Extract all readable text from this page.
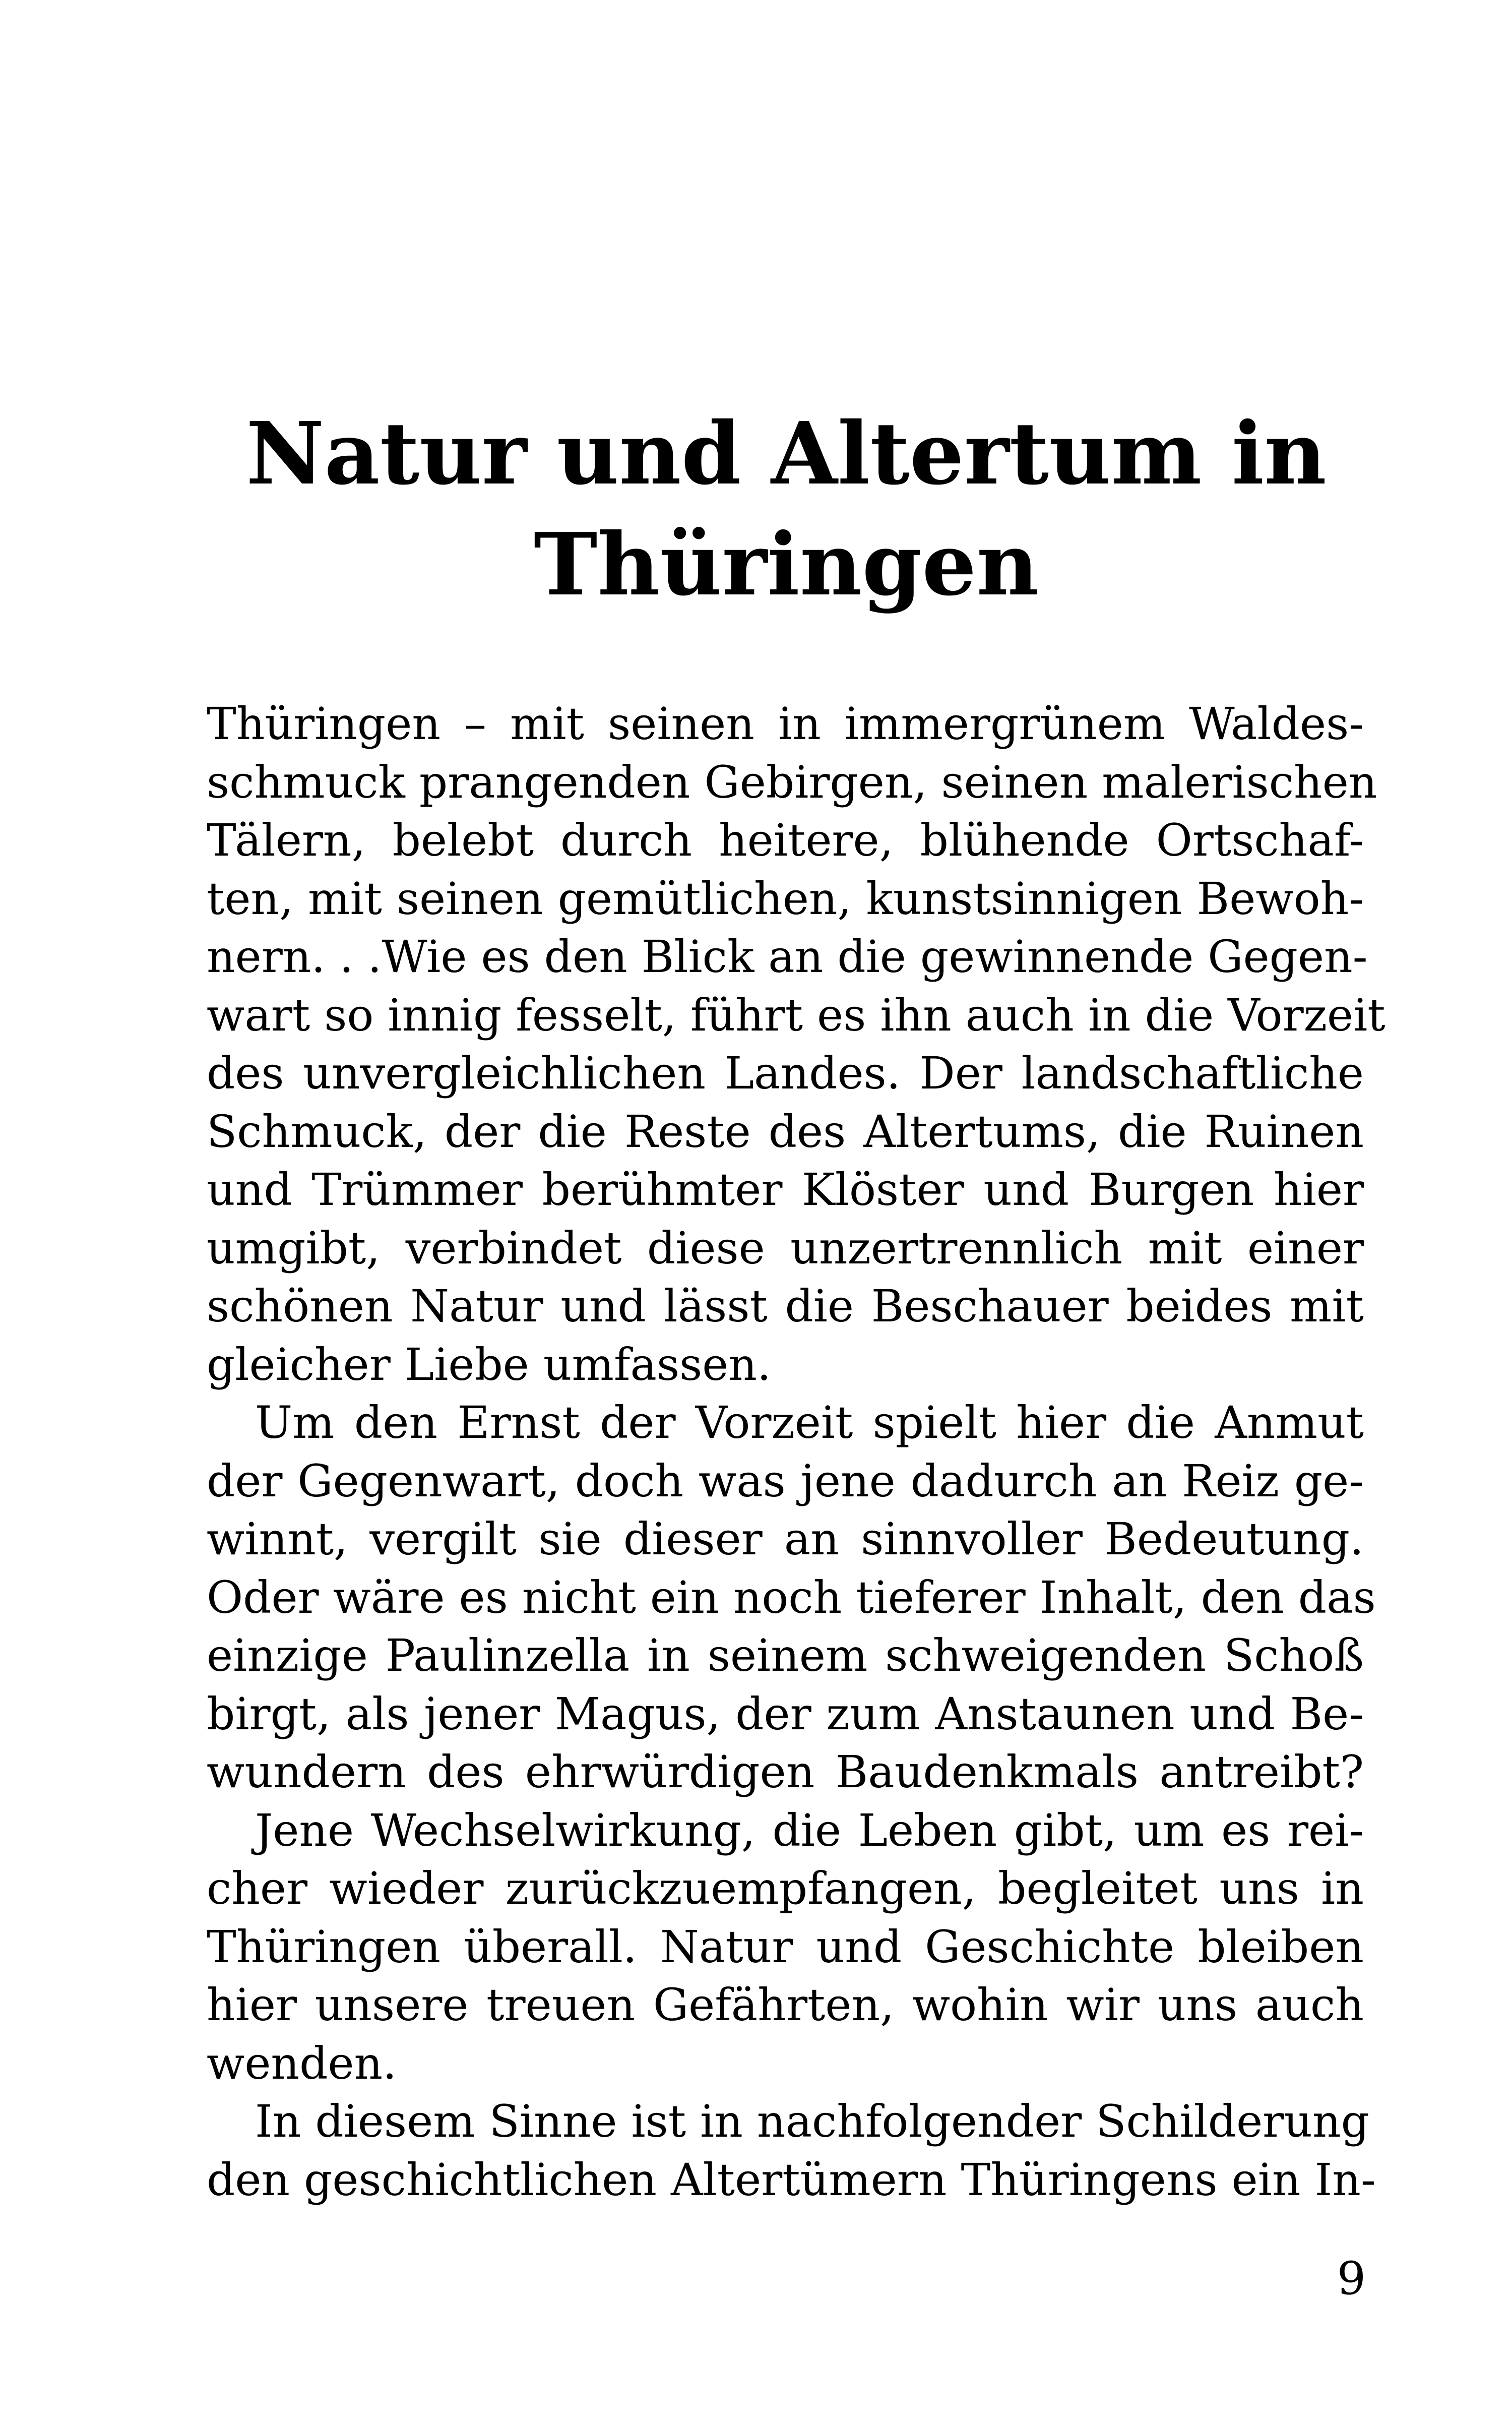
Natur und Altertum in
Thüringen
Thüringen – mit seinen in immergrünem Waldes-
schmuck prangenden Gebirgen, seinen malerischen
Tälern, belebt durch heitere, blühende Ortschaf-
ten, mit seinen gemütlichen, kunstsinnigen Bewoh-
nern. . .Wie es den Blick an die gewinnende Gegen-
wart so innig fesselt, führt es ihn auch in die Vorzeit
des unvergleichlichen Landes. Der landschaftliche
Schmuck, der die Reste des Altertums, die Ruinen
und Trümmer berühmter Klöster und Burgen hier
umgibt, verbindet diese unzertrennlich mit einer
schönen Natur und lässt die Beschauer beides mit
gleicher Liebe umfassen.
Um den Ernst der Vorzeit spielt hier die Anmut
der Gegenwart, doch was jene dadurch an Reiz ge-
winnt, vergilt sie dieser an sinnvoller Bedeutung.
Oder wäre es nicht ein noch tieferer Inhalt, den das
einzige Paulinzella in seinem schweigenden Schoß
birgt, als jener Magus, der zum Anstaunen und Be-
wundern des ehrwürdigen Baudenkmals antreibt?
Jene Wechselwirkung, die Leben gibt, um es rei-
cher wieder zurückzuempfangen, begleitet uns in
Thüringen überall. Natur und Geschichte bleiben
hier unsere treuen Gefährten, wohin wir uns auch
wenden.
In diesem Sinne ist in nachfolgender Schilderung
den geschichtlichen Altertümern Thüringens ein In-
9
